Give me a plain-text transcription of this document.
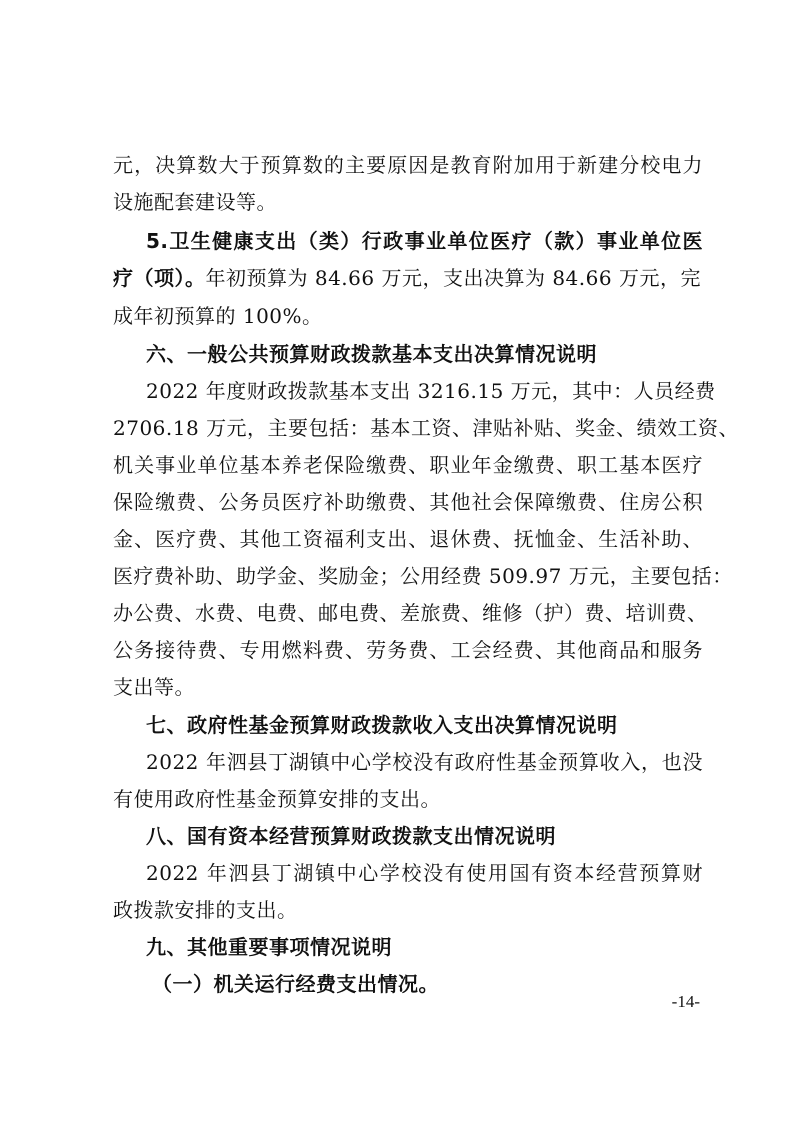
元，决算数大于预算数的主要原因是教育附加用于新建分校电力
设施配套建设等。
5.卫生健康支出（类）行政事业单位医疗（款）事业单位医
疗（项）。年初预算为 84.66 万元，支出决算为 84.66 万元，完
成年初预算的 100%。
六、一般公共预算财政拨款基本支出决算情况说明
2022 年度财政拨款基本支出 3216.15 万元，其中：人员经费
2706.18 万元，主要包括：基本工资、津贴补贴、奖金、绩效工资、
机关事业单位基本养老保险缴费、职业年金缴费、职工基本医疗
保险缴费、公务员医疗补助缴费、其他社会保障缴费、住房公积
金、医疗费、其他工资福利支出、退休费、抚恤金、生活补助、
医疗费补助、助学金、奖励金；公用经费 509.97 万元，主要包括：
办公费、水费、电费、邮电费、差旅费、维修（护）费、培训费、
公务接待费、专用燃料费、劳务费、工会经费、其他商品和服务
支出等。
七、政府性基金预算财政拨款收入支出决算情况说明
2022 年泗县丁湖镇中心学校没有政府性基金预算收入，也没
有使用政府性基金预算安排的支出。
八、国有资本经营预算财政拨款支出情况说明
2022 年泗县丁湖镇中心学校没有使用国有资本经营预算财
政拨款安排的支出。
九、其他重要事项情况说明
（一）机关运行经费支出情况。
-14-
